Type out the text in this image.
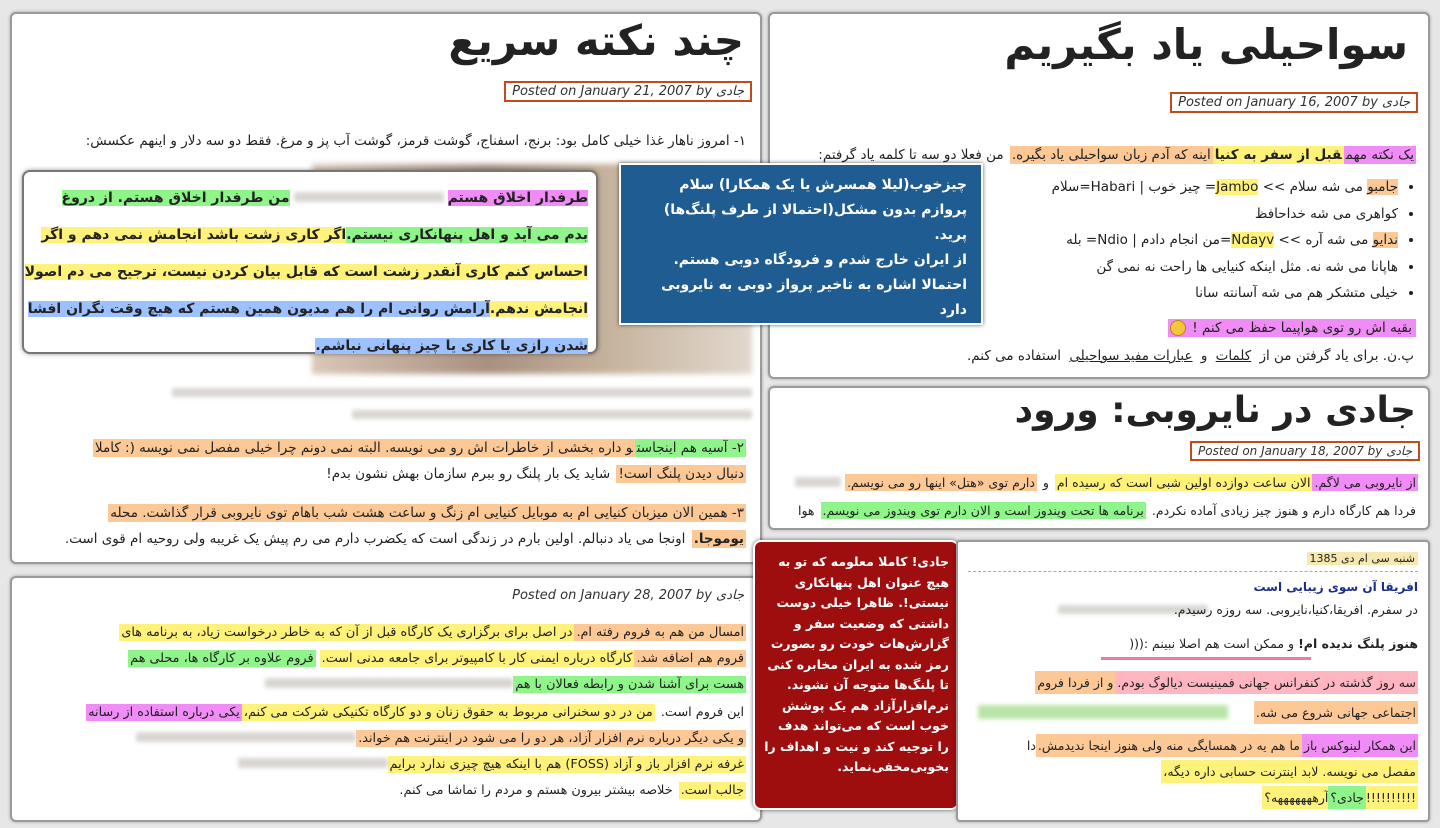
سواحیلی یاد بگیریم
Posted on January 16, 2007 by جادی
یک نکته مهمقبل از سفر به کنیااینه که آدم زبان سواحیلی یاد بگیره. من فعلا دو سه تا کلمه یاد گرفتم:
• جامبو می شه سلام >> Jambo= چیز خوب | Habari=سلام
• کواهری می شه خداحافظ
• ندایو می شه آره >> Ndayv=من انجام دادم | Ndio= بله
• هاپانا می شه نه. مثل اینکه کنیایی ها راحت نه نمی گن
• خیلی متشکر هم می شه آسانته سانا
بقیه اش رو توی هواپیما حفظ می کنم !
پ.ن. برای یاد گرفتن من از کلمات و عبارات مفید سواحیلی استفاده می کنم.
جادی در نایروبی: ورود
Posted on January 18, 2007 by جادی
از نایروبی می لاگم.الان ساعت دوازده اولین شبی است که رسیده ام و دارم توی «هتل» اینها رو می نویسم.
فردا هم کارگاه دارم و هنوز چیز زیادی آماده نکردم. برنامه ها تحت ویندوز است و الان دارم توی ویندوز می نویسم. هوا
چند نکته سریع
Posted on January 21, 2007 by جادی
۱- امروز ناهار غذا خیلی کامل بود: برنج، اسفناج، گوشت قرمز، گوشت آب پز و مرغ. فقط دو سه دلار و اینهم عکسش:
۲- آسیه هم اینجاستو داره بخشی از خاطرات اش رو می نویسه. البته نمی دونم چرا خیلی مفصل نمی نویسه (: کاملا
دنبال دیدن پلنگ است! شاید یک بار پلنگ رو ببرم سازمان بهش نشون بدم!
۳- همین الان میزبان کنیایی ام به موبایل کنیایی ام زنگ و ساعت هشت شب باهام توی نایروبی قرار گذاشت. محله
یوموجا. اونجا می یاد دنبالم. اولین بارم در زندگی است که یکضرب دارم می رم پیش یک غریبه ولی روحیه ام قوی است.
طرفدار اخلاق هستممن طرفدار اخلاق هستم. از دروغ
بدم می آید و اهل پنهانکاری نیستم.اگر کاری زشت باشد انجامش نمی دهم و اگر
احساس کنم کاری آنقدر زشت است که قابل بیان کردن نیست، ترجیح می دم اصولا
انجامش ندهم.آرامش روانی ام را هم مدیون همین هستم که هیچ وقت نگران افشا
شدن رازی یا کاری یا چیز پنهانی نباشم.
چیزخوب(لیلا همسرش یا یک همکارا) سلام
پروازم بدون مشکل(احتمالا از طرف پلنگ‌ها) پرید.
از ایران خارج شدم و فرودگاه دوبی هستم.
احتمالا اشاره به تاخیر پرواز دوبی به نایروبی دارد
Posted on January 28, 2007 by جادی
امسال من هم به فروم رفته ام.در اصل برای برگزاری یک کارگاه قبل از آن که به خاطر درخواست زیاد، به برنامه های
فروم هم اضافه شد.کارگاه درباره ایمنی کار با کامپیوتر برای جامعه مدنی است. فروم علاوه بر کارگاه ها، محلی هم
هست برای آشنا شدن و رابطه فعالان با هم
این فروم است. من در دو سخنرانی مربوط به حقوق زنان و دو کارگاه تکنیکی شرکت می کنم،یکی درباره استفاده از رسانه
و یکی دیگر درباره نرم افزار آزاد، هر دو را می شود در اینترنت هم خواند.
غرفه نرم افزار باز و آزاد (FOSS) هم با اینکه هیچ چیزی ندارد برایم
جالب است. خلاصه بیشتر بیرون هستم و مردم را تماشا می کنم.
جادی! کاملا معلومه که تو به هیچ عنوان اهل پنهانکاری نیستی!. ظاهرا خیلی دوست داشتی که وضعیت سفر و گزارش‌هات خودت رو بصورت رمز شده به ایران مخابره کنی تا پلنگ‌ها متوجه آن نشوند. نرم‌افزارآزاد هم یک پوشش خوب است که می‌تواند هدف را توجیه کند و نیت و اهداف را بخوبی‌مخفی‌نماید.
شنبه سی ام دی 1385
افریقا آن سوی زیبایی است
در سفرم. افریقا،کنیا،نایروبی. سه روزه رسیدم.
هنوز پلنگ ندیده ام! و ممکن است هم اصلا نبینم :(((
سه روز گذشته در کنفرانس جهانی فمینیست دیالوگ بودم.و از فردا فروم
اجتماعی جهانی شروع می شه.
این همکار لینوکس بازما هم یه در همسایگی منه ولی هنوز اینجا ندیدمش.دا
مفصل می نویسه. لابد اینترنت حسابی داره دیگه،
جادی؟آرهههههههه؟!!!!!!!!!!
